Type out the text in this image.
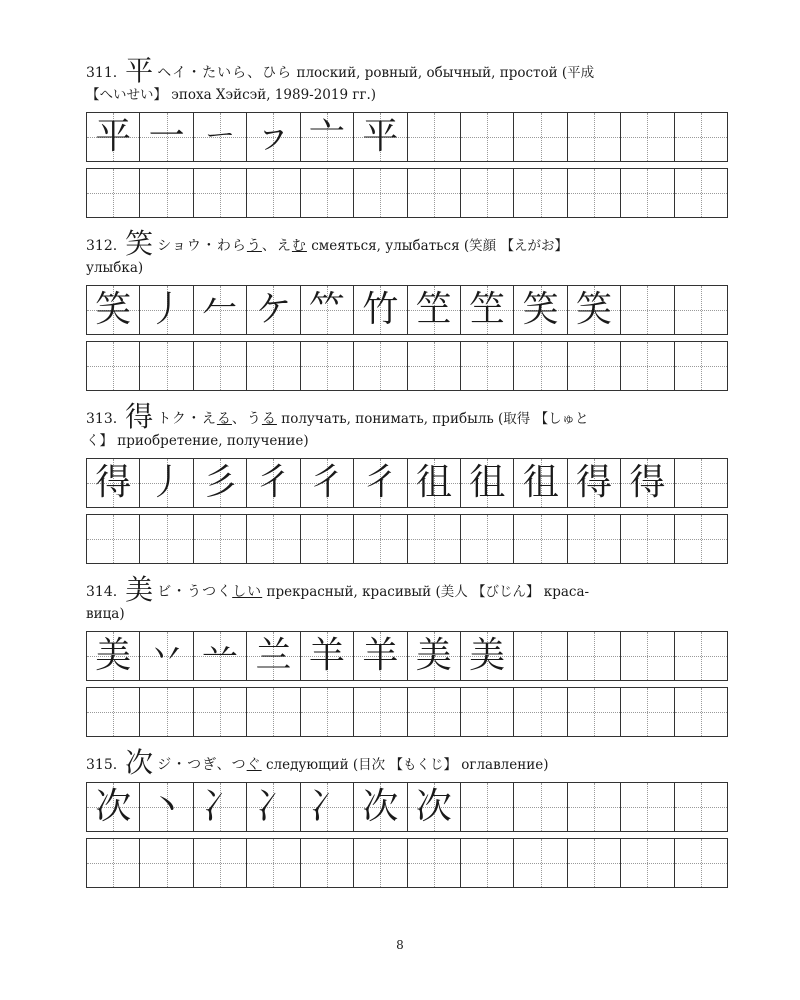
311. 平 ヘイ・たいら、ひら плоский, ровный, обычный, простой (平成
【へいせい】 эпоха Хэйсэй, 1989-2019 гг.)
平 一 ㄧ ㇷ 亠 平
312. 笑 ショウ・わらう、えむ смеяться, улыбаться (笑顔 【えがお】
улыбка)
笑 丿 𠂉 ケ 𥫗 竹 笁 笁 笑 笑
313. 得 トク・える、うる получать, понимать, прибыль (取得 【しゅと
く】 приобретение, получение)
得 丿 彡 彳 彳 彳 徂 徂 徂 得 得
314. 美 ビ・うつくしい прекрасный, красивый (美人 【びじん】 краса-
вица)
美 丷 䒑 兰 羊 羊 美 美
315. 次 ジ・つぎ、つぐ следующий (目次 【もくじ】 оглавление)
次 丶 冫 冫 冫 次 次
8
